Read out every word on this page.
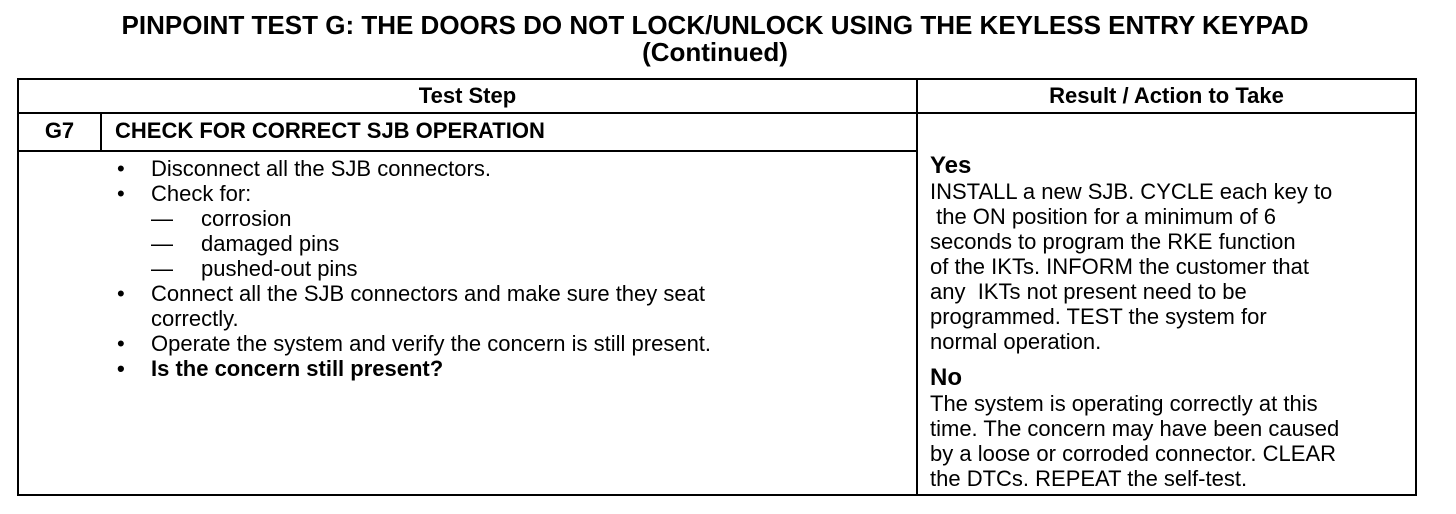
PINPOINT TEST G: THE DOORS DO NOT LOCK/UNLOCK USING THE KEYLESS ENTRY KEYPAD
(Continued)
Test Step	Result / Action to Take
G7	CHECK FOR CORRECT SJB OPERATION
• Disconnect all the SJB connectors.
• Check for:
— corrosion
— damaged pins
— pushed-out pins
• Connect all the SJB connectors and make sure they seat
correctly.
• Operate the system and verify the concern is still present.
• Is the concern still present?
Yes
INSTALL a new SJB. CYCLE each key to
the ON position for a minimum of 6
seconds to program the RKE function
of the IKTs. INFORM the customer that
any  IKTs not present need to be
programmed. TEST the system for
normal operation.
No
The system is operating correctly at this
time. The concern may have been caused
by a loose or corroded connector. CLEAR
the DTCs. REPEAT the self-test.
